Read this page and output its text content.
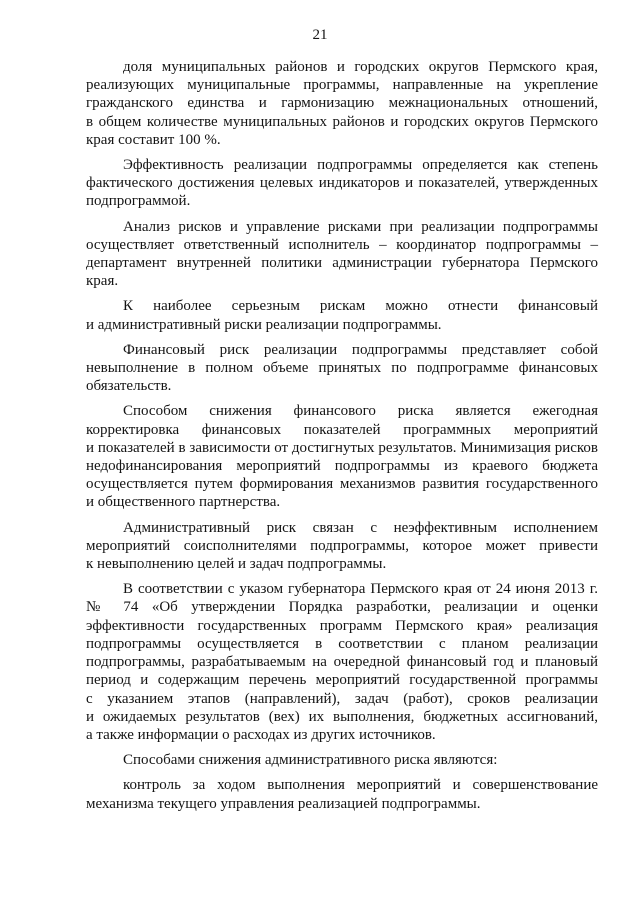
21
доля муниципальных районов и городских округов Пермского края,
реализующих муниципальные программы, направленные на укрепление
гражданского единства и гармонизацию межнациональных отношений,
в общем количестве муниципальных районов и городских округов Пермского
края составит 100 %.
Эффективность реализации подпрограммы определяется как степень
фактического достижения целевых индикаторов и показателей, утвержденных
подпрограммой.
Анализ рисков и управление рисками при реализации подпрограммы
осуществляет ответственный исполнитель – координатор подпрограммы –
департамент внутренней политики администрации губернатора Пермского
края.
К наиболее серьезным рискам можно отнести финансовый
и административный риски реализации подпрограммы.
Финансовый риск реализации подпрограммы представляет собой
невыполнение в полном объеме принятых по подпрограмме финансовых
обязательств.
Способом снижения финансового риска является ежегодная
корректировка финансовых показателей программных мероприятий
и показателей в зависимости от достигнутых результатов. Минимизация рисков
недофинансирования мероприятий подпрограммы из краевого бюджета
осуществляется путем формирования механизмов развития государственного
и общественного партнерства.
Административный риск связан с неэффективным исполнением
мероприятий соисполнителями подпрограммы, которое может привести
к невыполнению целей и задач подпрограммы.
В соответствии с указом губернатора Пермского края от 24 июня 2013 г.
№ 74 «Об утверждении Порядка разработки, реализации и оценки
эффективности государственных программ Пермского края» реализация
подпрограммы осуществляется в соответствии с планом реализации
подпрограммы, разрабатываемым на очередной финансовый год и плановый
период и содержащим перечень мероприятий государственной программы
с указанием этапов (направлений), задач (работ), сроков реализации
и ожидаемых результатов (вех) их выполнения, бюджетных ассигнований,
а также информации о расходах из других источников.
Способами снижения административного риска являются:
контроль за ходом выполнения мероприятий и совершенствование
механизма текущего управления реализацией подпрограммы.
